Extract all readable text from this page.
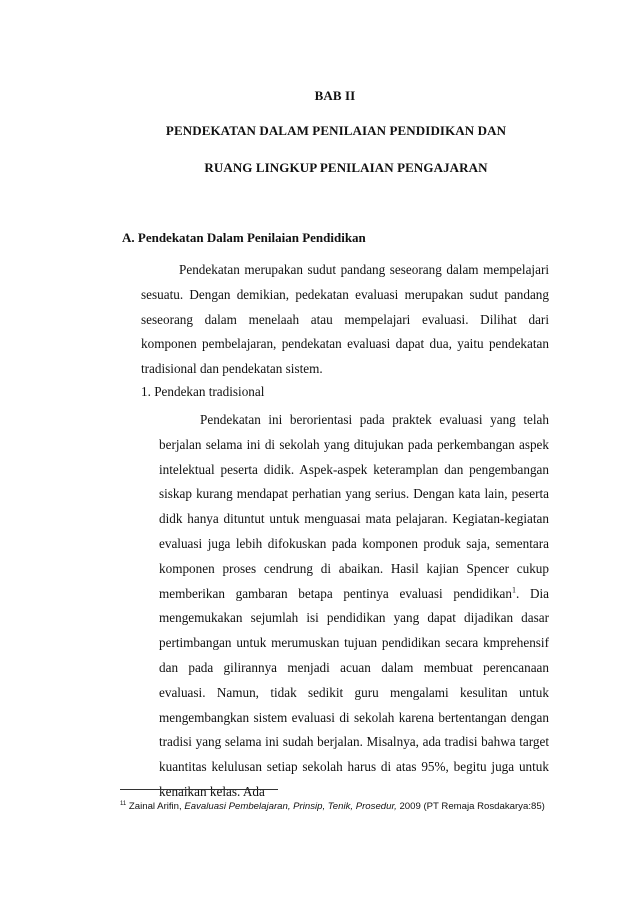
BAB II
PENDEKATAN DALAM PENILAIAN PENDIDIKAN DAN
RUANG LINGKUP PENILAIAN PENGAJARAN
A. Pendekatan Dalam Penilaian Pendidikan
Pendekatan merupakan sudut pandang seseorang dalam mempelajari sesuatu. Dengan demikian, pedekatan evaluasi merupakan sudut pandang seseorang dalam menelaah atau mempelajari evaluasi. Dilihat dari komponen pembelajaran, pendekatan evaluasi dapat dua, yaitu pendekatan tradisional dan pendekatan sistem.
1. Pendekan tradisional
Pendekatan ini berorientasi pada praktek evaluasi yang telah berjalan selama ini di sekolah yang ditujukan pada perkembangan aspek intelektual peserta didik. Aspek-aspek keteramplan dan pengembangan siskap kurang mendapat perhatian yang serius. Dengan kata lain, peserta didk hanya dituntut untuk menguasai mata pelajaran. Kegiatan-kegiatan evaluasi juga lebih difokuskan pada komponen produk saja, sementara komponen proses cendrung di abaikan. Hasil kajian Spencer cukup memberikan gambaran betapa pentinya evaluasi pendidikan$^1$. Dia mengemukakan sejumlah isi pendidikan yang dapat dijadikan dasar pertimbangan untuk merumuskan tujuan pendidikan secara kmprehensif dan pada gilirannya menjadi acuan dalam membuat perencanaan evaluasi. Namun, tidak sedikit guru mengalami kesulitan untuk mengembangkan sistem evaluasi di sekolah karena bertentangan dengan tradisi yang selama ini sudah berjalan. Misalnya, ada tradisi bahwa target kuantitas kelulusan setiap sekolah harus di atas 95%, begitu juga untuk kenaikan kelas. Ada
$^{11}$ Zainal Arifin, Eavaluasi Pembelajaran, Prinsip, Tenik, Prosedur, 2009 (PT Remaja Rosdakarya:85)
